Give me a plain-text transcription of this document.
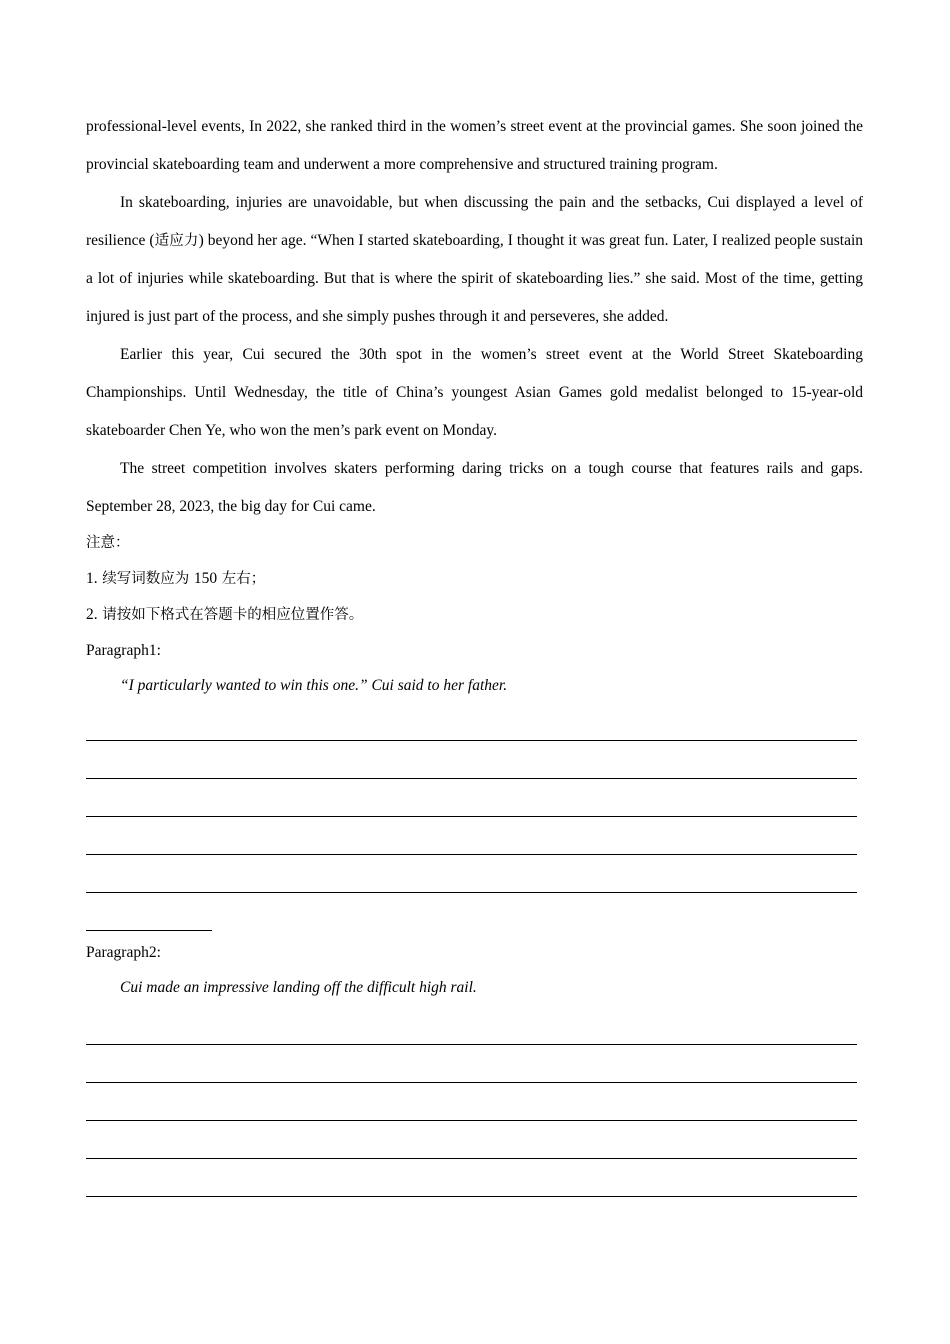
professional-level events, In 2022, she ranked third in the women’s street event at the provincial games. She soon joined the provincial skateboarding team and underwent a more comprehensive and structured training program.

In skateboarding, injuries are unavoidable, but when discussing the pain and the setbacks, Cui displayed a level of resilience (适应力) beyond her age. “When I started skateboarding, I thought it was great fun. Later, I realized people sustain a lot of injuries while skateboarding. But that is where the spirit of skateboarding lies.” she said. Most of the time, getting injured is just part of the process, and she simply pushes through it and perseveres, she added.

Earlier this year, Cui secured the 30th spot in the women’s street event at the World Street Skateboarding Championships. Until Wednesday, the title of China’s youngest Asian Games gold medalist belonged to 15-year-old skateboarder Chen Ye, who won the men’s park event on Monday.

The street competition involves skaters performing daring tricks on a tough course that features rails and gaps. September 28, 2023, the big day for Cui came.

注意：

1. 续写词数应为 150 左右；

2. 请按如下格式在答题卡的相应位置作答。

Paragraph1:

“I particularly wanted to win this one.” Cui said to her father.

Paragraph2:

Cui made an impressive landing off the difficult high rail.
